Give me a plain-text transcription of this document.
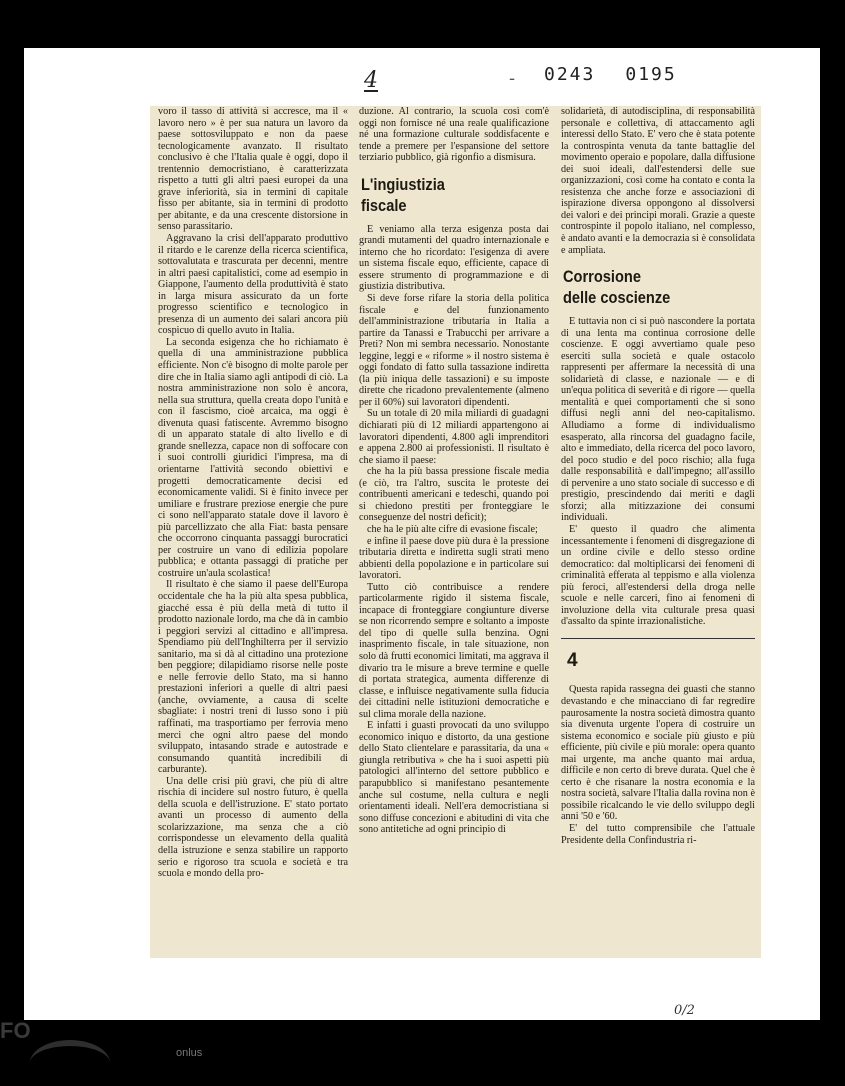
4	- 0243 0195

voro il tasso di attività si accresce, ma il « lavoro nero » è per sua natura un lavoro da paese sottosviluppato e non da paese tecnologicamente avanzato. Il risultato conclusivo è che l'Italia quale è oggi, dopo il trentennio democristiano, è caratterizzata rispetto a tutti gli altri paesi europei da una grave inferiorità, sia in termini di capitale fisso per abitante, sia in termini di prodotto per abitante, e da una crescente distorsione in senso parassitario.

Aggravano la crisi dell'apparato produttivo il ritardo e le carenze della ricerca scientifica, sottovalutata e trascurata per decenni, mentre in altri paesi capitalistici, come ad esempio in Giappone, l'aumento della produttività è stato in larga misura assicurato da un forte progresso scientifico e tecnologico in presenza di un aumento dei salari ancora più cospicuo di quello avuto in Italia.

La seconda esigenza che ho richiamato è quella di una amministrazione pubblica efficiente. Non c'è bisogno di molte parole per dire che in Italia siamo agli antipodi di ciò. La nostra amministrazione non solo è ancora, nella sua struttura, quella creata dopo l'unità e con il fascismo, cioè arcaica, ma oggi è divenuta quasi fatiscente. Avremmo bisogno di un apparato statale di alto livello e di grande snellezza, capace non di soffocare con i suoi controlli giuridici l'impresa, ma di orientarne l'attività secondo obiettivi e progetti democraticamente decisi ed economicamente validi. Si è finito invece per umiliare e frustrare preziose energie che pure ci sono nell'apparato statale dove il lavoro è più parcellizzato che alla Fiat: basta pensare che occorrono cinquanta passaggi burocratici per costruire un vano di edilizia popolare pubblica; e ottanta passaggi di pratiche per costruire un'aula scolastica!

Il risultato è che siamo il paese dell'Europa occidentale che ha la più alta spesa pubblica, giacché essa è più della metà di tutto il prodotto nazionale lordo, ma che dà in cambio i peggiori servizi al cittadino e all'impresa. Spendiamo più dell'Inghilterra per il servizio sanitario, ma si dà al cittadino una protezione ben peggiore; dilapidiamo risorse nelle poste e nelle ferrovie dello Stato, ma si hanno prestazioni inferiori a quelle di altri paesi (anche, ovviamente, a causa di scelte sbagliate: i nostri treni di lusso sono i più raffinati, ma trasportiamo per ferrovia meno merci che ogni altro paese del mondo sviluppato, intasando strade e autostrade e consumando quantità incredibili di carburante).

Una delle crisi più gravi, che più di altre rischia di incidere sul nostro futuro, è quella della scuola e dell'istruzione. E' stato portato avanti un processo di aumento della scolarizzazione, ma senza che a ciò corrispondesse un elevamento della qualità della istruzione e senza stabilire un rapporto serio e rigoroso tra scuola e società e tra scuola e mondo della pro-

duzione. Al contrario, la scuola così com'è oggi non fornisce né una reale qualificazione né una formazione culturale soddisfacente e tende a premere per l'espansione del settore terziario pubblico, già rigonfio a dismisura.

L'ingiustizia
fiscale

E veniamo alla terza esigenza posta dai grandi mutamenti del quadro internazionale e interno che ho ricordato: l'esigenza di avere un sistema fiscale equo, efficiente, capace di essere strumento di programmazione e di giustizia distributiva.

Si deve forse rifare la storia della politica fiscale e del funzionamento dell'amministrazione tributaria in Italia a partire da Tanassi e Trabucchi per arrivare a Preti? Non mi sembra necessario. Nonostante leggine, leggi e « riforme » il nostro sistema è oggi fondato di fatto sulla tassazione indiretta (la più iniqua delle tassazioni) e su imposte dirette che ricadono prevalentemente (almeno per il 60%) sui lavoratori dipendenti.

Su un totale di 20 mila miliardi di guadagni dichiarati più di 12 miliardi appartengono ai lavoratori dipendenti, 4.800 agli imprenditori e appena 2.800 ai professionisti. Il risultato è che siamo il paese:

che ha la più bassa pressione fiscale media (e ciò, tra l'altro, suscita le proteste dei contribuenti americani e tedeschi, quando poi si chiedono prestiti per fronteggiare le conseguenze del nostri deficit);

che ha le più alte cifre di evasione fiscale;

e infine il paese dove più dura è la pressione tributaria diretta e indiretta sugli strati meno abbienti della popolazione e in particolare sui lavoratori.

Tutto ciò contribuisce a rendere particolarmente rigido il sistema fiscale, incapace di fronteggiare congiunture diverse se non ricorrendo sempre e soltanto a imposte del tipo di quelle sulla benzina. Ogni inasprimento fiscale, in tale situazione, non solo dà frutti economici limitati, ma aggrava il divario tra le misure a breve termine e quelle di portata strategica, aumenta differenze di classe, e influisce negativamente sulla fiducia dei cittadini nelle istituzioni democratiche e sul clima morale della nazione.

E infatti i guasti provocati da uno sviluppo economico iniquo e distorto, da una gestione dello Stato clientelare e parassitaria, da una « giungla retributiva » che ha i suoi aspetti più patologici all'interno del settore pubblico e parapubblico si manifestano pesantemente anche sul costume, nella cultura e negli orientamenti ideali. Nell'era democristiana si sono diffuse concezioni e abitudini di vita che sono antitetiche ad ogni principio di

solidarietà, di autodisciplina, di responsabilità personale e collettiva, di attaccamento agli interessi dello Stato. E' vero che è stata potente la controspinta venuta da tante battaglie del movimento operaio e popolare, dalla diffusione dei suoi ideali, dall'estendersi delle sue organizzazioni, così come ha contato e conta la resistenza che anche forze e associazioni di ispirazione diversa oppongono al dissolversi dei valori e dei principi morali. Grazie a queste controspinte il popolo italiano, nel complesso, è andato avanti e la democrazia si è consolidata e ampliata.

Corrosione
delle coscienze

E tuttavia non ci si può nascondere la portata di una lenta ma continua corrosione delle coscienze. E oggi avvertiamo quale peso eserciti sulla società e quale ostacolo rappresenti per affermare la necessità di una solidarietà di classe, e nazionale — e di un'equa politica di severità e di rigore — quella mentalità e quei comportamenti che si sono diffusi negli anni del neo-capitalismo. Alludiamo a forme di individualismo esasperato, alla rincorsa del guadagno facile, alto e immediato, della ricerca del poco lavoro, del poco studio e del poco rischio; alla fuga dalle responsabilità e dall'impegno; all'assillo di pervenire a uno stato sociale di successo e di prestigio, prescindendo dai meriti e dagli sforzi; alla mitizzazione dei consumi individuali.

E' questo il quadro che alimenta incessantemente i fenomeni di disgregazione di un ordine civile e dello stesso ordine democratico: dal moltiplicarsi dei fenomeni di criminalità efferata al teppismo e alla violenza più feroci, all'estendersi della droga nelle scuole e nelle carceri, fino ai fenomeni di involuzione della vita culturale presa quasi d'assalto da spinte irrazionalistiche.

4

Questa rapida rassegna dei guasti che stanno devastando e che minacciano di far regredire paurosamente la nostra società dimostra quanto sia divenuta urgente l'opera di costruire un sistema economico e sociale più giusto e più efficiente, più civile e più morale: opera quanto mai urgente, ma anche quanto mai ardua, difficile e non certo di breve durata. Quel che è certo è che risanare la nostra economia e la nostra società, salvare l'Italia dalla rovina non è possibile ricalcando le vie dello sviluppo degli anni '50 e '60.

E' del tutto comprensibile che l'attuale Presidente della Confindustria ri-

0/2
FO
onlus
